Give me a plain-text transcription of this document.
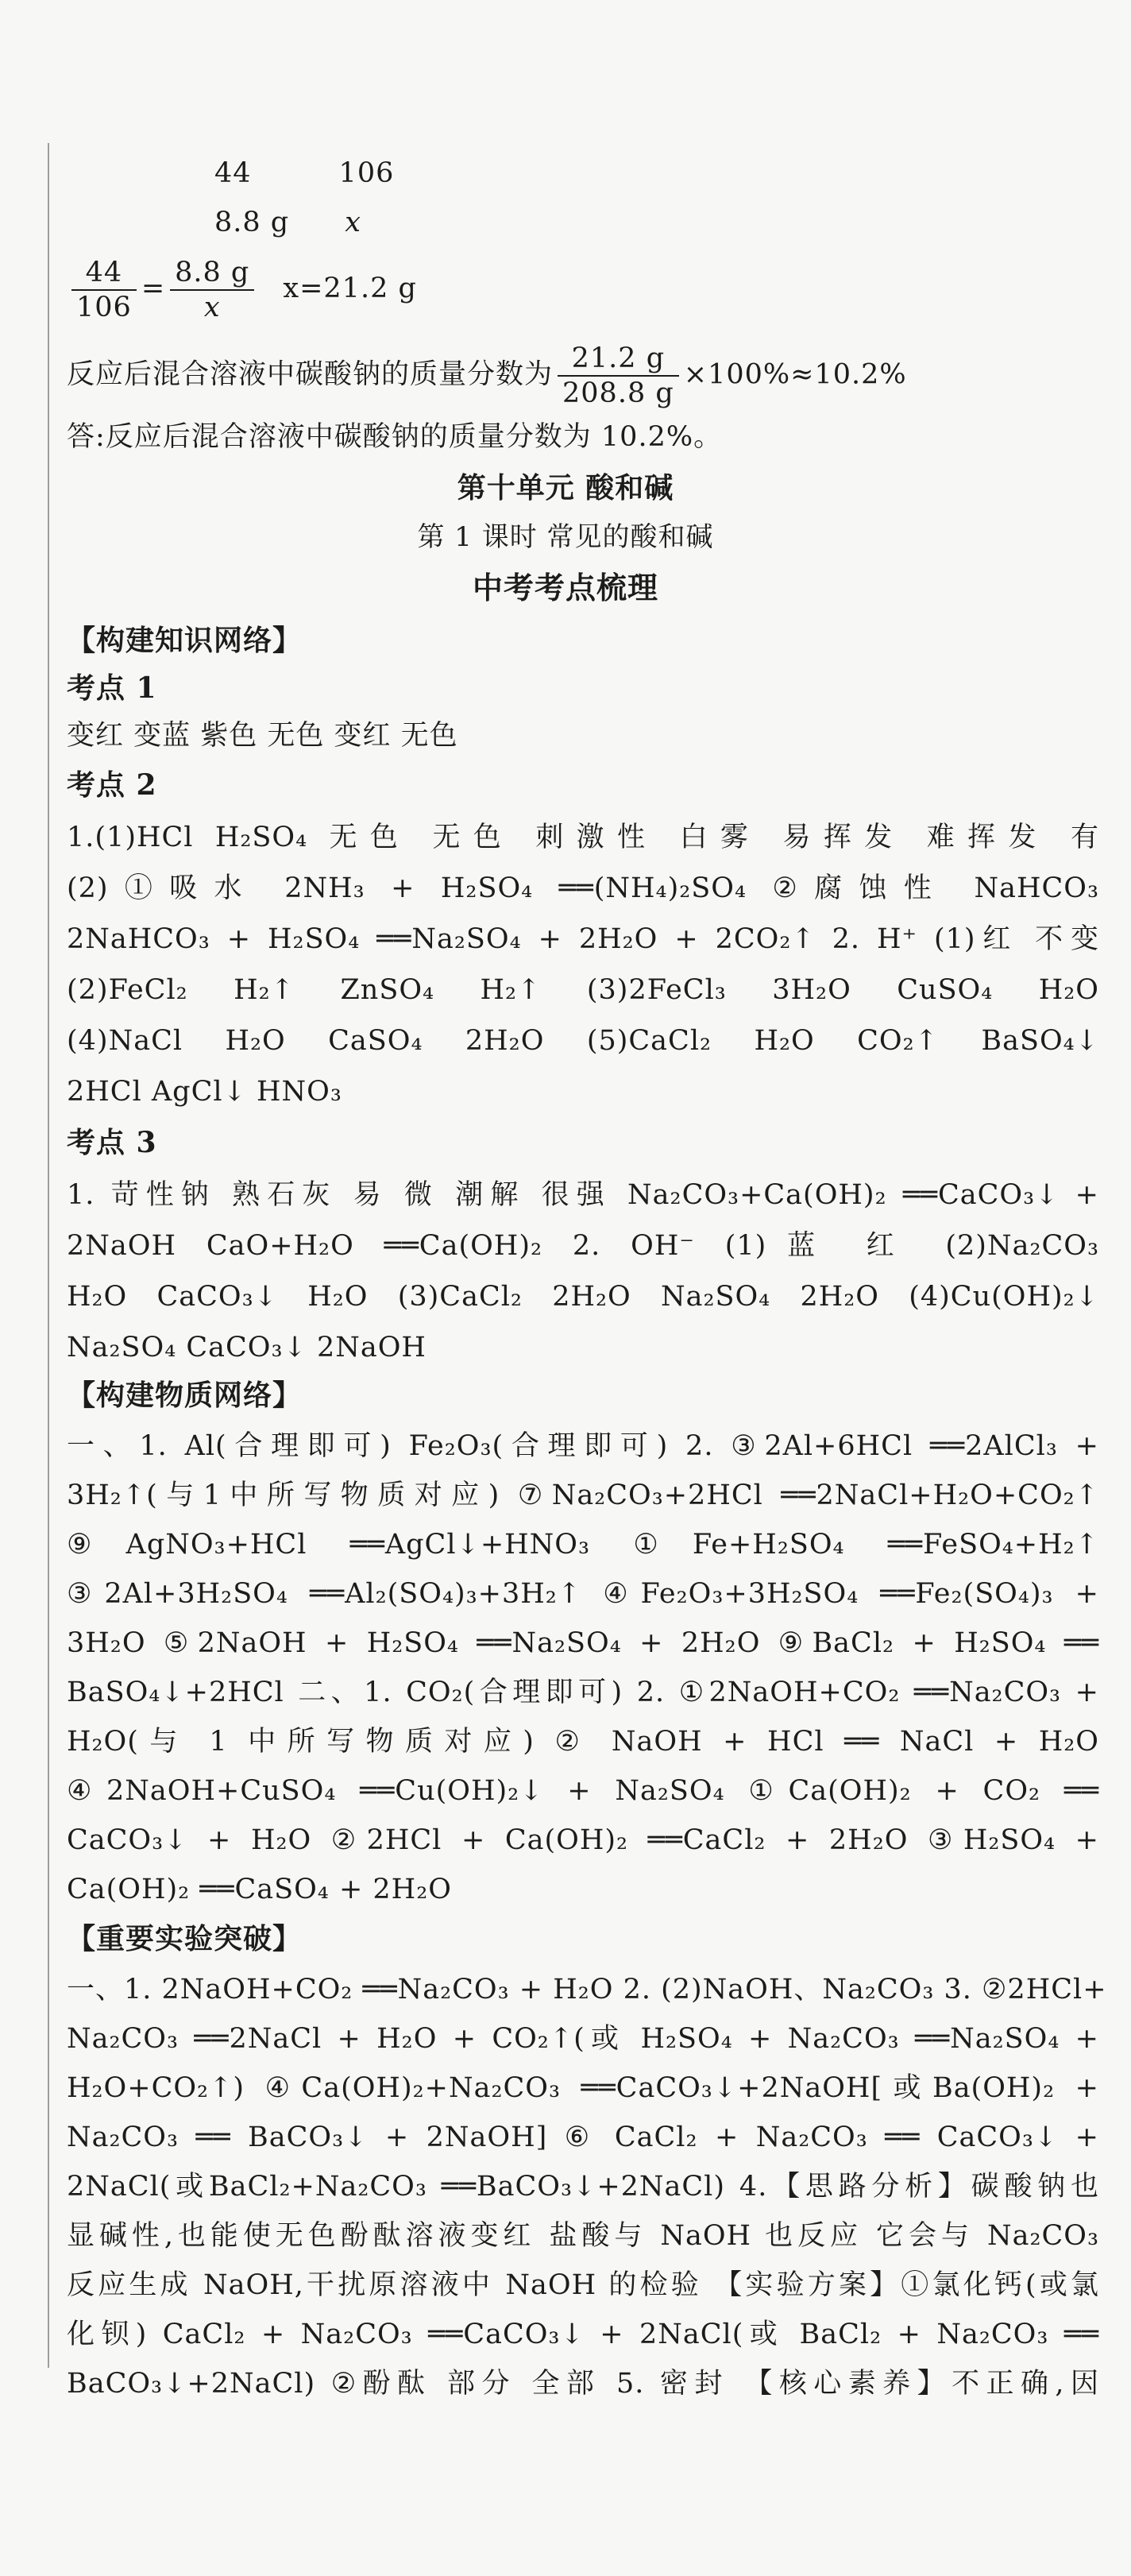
44	106
8.8 g x
$\frac{44}{106} = \frac{8.8 g}{x} x=21.2$ g
反应后混合溶液中碳酸钠的质量分数为 $\frac{21.2 g}{208.8 g} \times 100\%\approx 10.2\%$
答:反应后混合溶液中碳酸钠的质量分数为 10.2%。
第十单元 酸和碱
第 1 课时 常见的酸和碱
中考考点梳理
【构建知识网络】
考点 1
变红 变蓝 紫色 无色 变红 无色
考点 2
1.(1)HCl H₂SO₄ 无色 无色 刺激性 白雾 易挥发 难挥发 有
(2)①吸水 2NH₃ + H₂SO₄ ══(NH₄)₂SO₄ ②腐蚀性 NaHCO₃
2NaHCO₃ + H₂SO₄ ══Na₂SO₄ + 2H₂O + 2CO₂↑ 2. H⁺ (1)红 不变
(2)FeCl₂ H₂↑ ZnSO₄ H₂↑ (3)2FeCl₃ 3H₂O CuSO₄ H₂O
(4)NaCl H₂O CaSO₄ 2H₂O (5)CaCl₂ H₂O CO₂↑ BaSO₄↓
2HCl AgCl↓ HNO₃
考点 3
1. 苛性钠 熟石灰 易 微 潮解 很强 Na₂CO₃+Ca(OH)₂ ══CaCO₃↓ +
2NaOH CaO+H₂O ══Ca(OH)₂ 2. OH⁻ (1)蓝 红 (2)Na₂CO₃
H₂O CaCO₃↓ H₂O (3)CaCl₂ 2H₂O Na₂SO₄ 2H₂O (4)Cu(OH)₂↓
Na₂SO₄ CaCO₃↓ 2NaOH
【构建物质网络】
一、1. Al(合理即可) Fe₂O₃(合理即可) 2. ③2Al+6HCl ══2AlCl₃ +
3H₂↑(与1中所写物质对应) ⑦Na₂CO₃+2HCl ══2NaCl+H₂O+CO₂↑
⑨AgNO₃+HCl ══AgCl↓+HNO₃ ①Fe+H₂SO₄ ══FeSO₄+H₂↑
③2Al+3H₂SO₄ ══Al₂(SO₄)₃+3H₂↑ ④Fe₂O₃+3H₂SO₄ ══Fe₂(SO₄)₃ +
3H₂O ⑤2NaOH + H₂SO₄ ══Na₂SO₄ + 2H₂O ⑨BaCl₂ + H₂SO₄ ══
BaSO₄↓+2HCl 二、1. CO₂(合理即可) 2. ①2NaOH+CO₂ ══Na₂CO₃ +
H₂O(与 1 中所写物质对应) ② NaOH + HCl ══ NaCl + H₂O
④2NaOH+CuSO₄ ══Cu(OH)₂↓ + Na₂SO₄ ①Ca(OH)₂ + CO₂ ══
CaCO₃↓ + H₂O ②2HCl + Ca(OH)₂ ══CaCl₂ + 2H₂O ③H₂SO₄ +
Ca(OH)₂ ══CaSO₄ + 2H₂O
【重要实验突破】
一、1. 2NaOH+CO₂ ══Na₂CO₃ + H₂O 2. (2)NaOH、Na₂CO₃ 3. ②2HCl+
Na₂CO₃ ══2NaCl + H₂O + CO₂↑(或 H₂SO₄ + Na₂CO₃ ══Na₂SO₄ +
H₂O+CO₂↑) ④Ca(OH)₂+Na₂CO₃ ══CaCO₃↓+2NaOH[或Ba(OH)₂ +
Na₂CO₃ ══ BaCO₃↓ + 2NaOH] ⑥ CaCl₂ + Na₂CO₃ ══ CaCO₃↓ +
2NaCl(或BaCl₂+Na₂CO₃ ══BaCO₃↓+2NaCl) 4.【思路分析】碳酸钠也
显碱性,也能使无色酚酞溶液变红 盐酸与 NaOH 也反应 它会与 Na₂CO₃
反应生成 NaOH,干扰原溶液中 NaOH 的检验 【实验方案】①氯化钙(或氯
化钡) CaCl₂ + Na₂CO₃ ══CaCO₃↓ + 2NaCl(或 BaCl₂ + Na₂CO₃ ══
BaCO₃↓+2NaCl) ②酚酞 部分 全部 5. 密封 【核心素养】不正确,因
